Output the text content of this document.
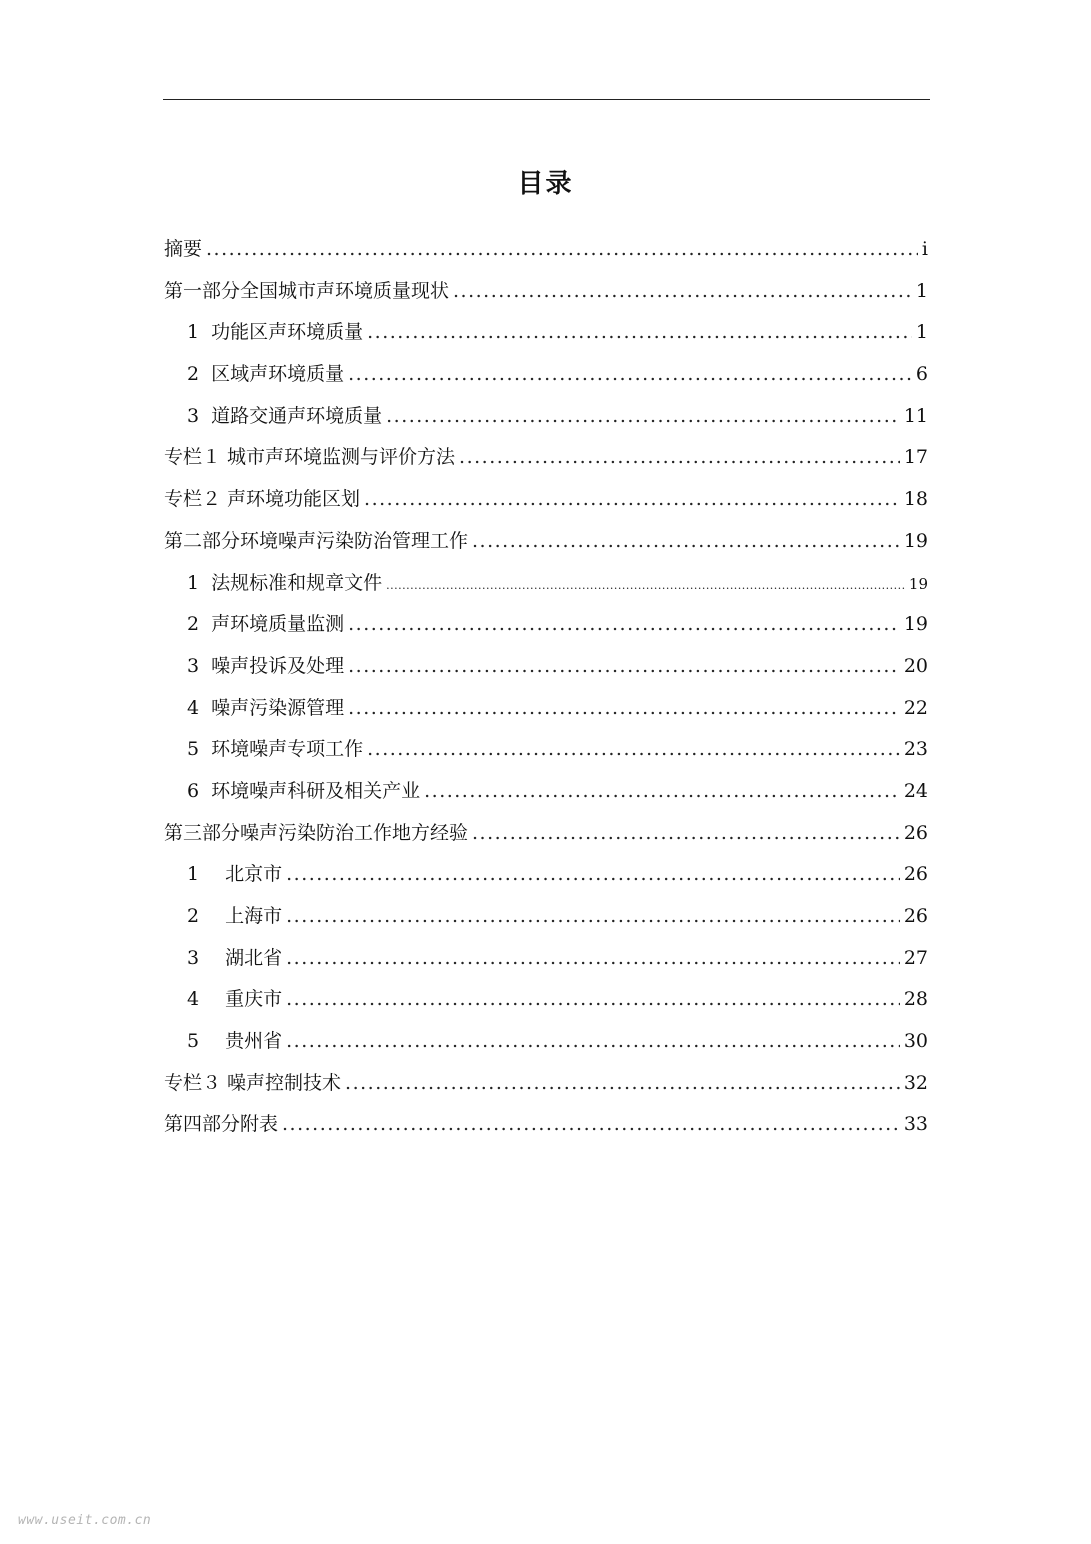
目录
摘要 .....	i
第一部分全国城市声环境质量现状 .....	1
1 功能区声环境质量 .....	1
2 区域声环境质量 .....	6
3 道路交通声环境质量 .....	11
专栏１ 城市声环境监测与评价方法 .....	17
专栏２ 声环境功能区划 .....	18
第二部分环境噪声污染防治管理工作 .....	19
1 法规标准和规章文件 .....	19
2 声环境质量监测 .....	19
3 噪声投诉及处理 .....	20
4 噪声污染源管理 .....	22
5 环境噪声专项工作 .....	23
6 环境噪声科研及相关产业 .....	24
第三部分噪声污染防治工作地方经验 .....	26
1 北京市 .....	26
2 上海市 .....	26
3 湖北省 .....	27
4 重庆市 .....	28
5 贵州省 .....	30
专栏３ 噪声控制技术 .....	32
第四部分附表 .....	33
www.useit.com.cn
